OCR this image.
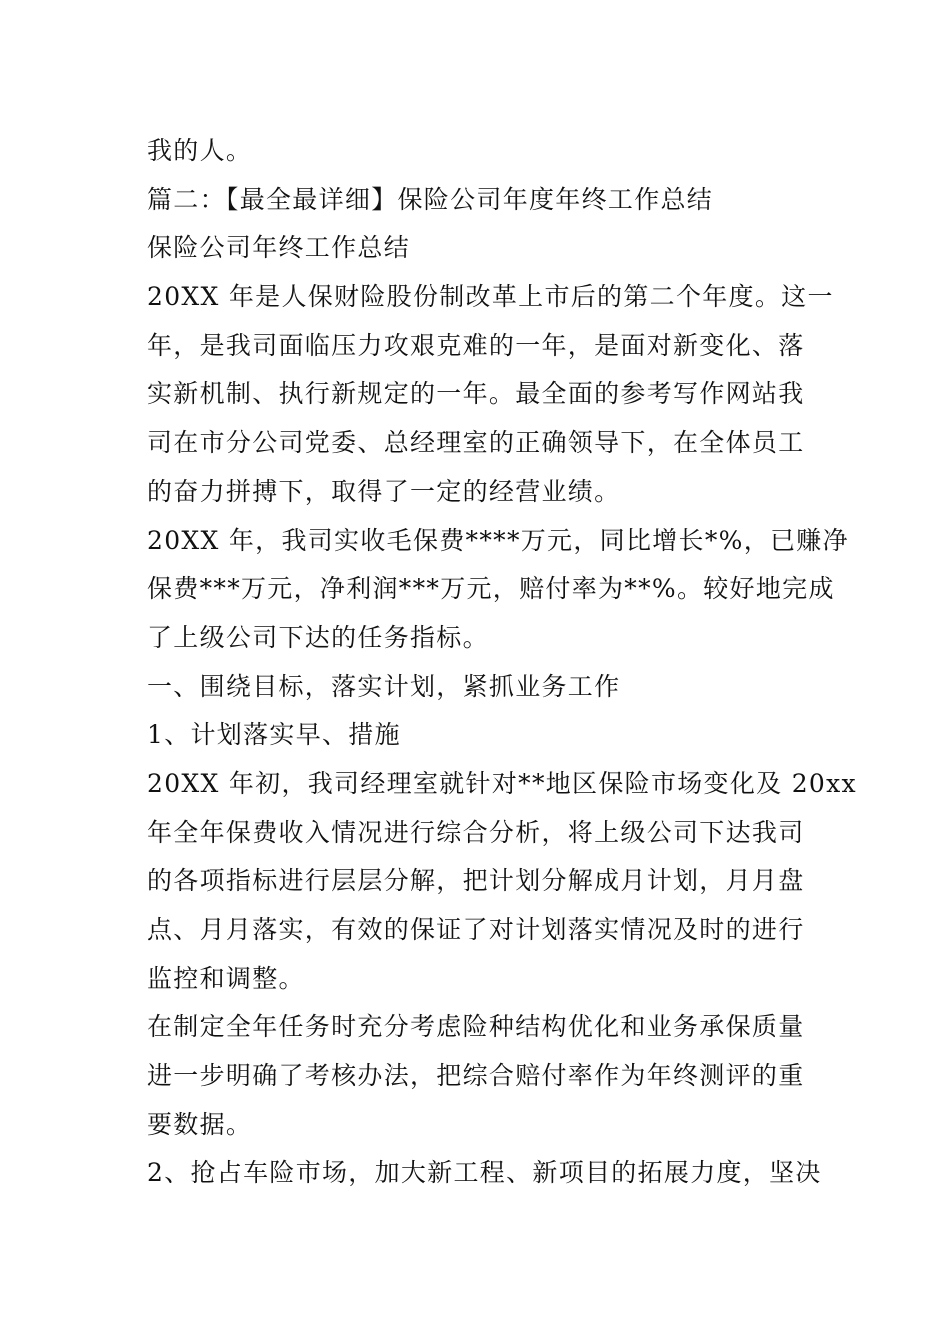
我的人。
篇二：【最全最详细】保险公司年度年终工作总结
保险公司年终工作总结
20XX 年是人保财险股份制改革上市后的第二个年度。这一
年，是我司面临压力攻艰克难的一年，是面对新变化、落
实新机制、执行新规定的一年。最全面的参考写作网站我
司在市分公司党委、总经理室的正确领导下，在全体员工
的奋力拼搏下，取得了一定的经营业绩。
20XX 年，我司实收毛保费****万元，同比增长*%，已赚净
保费***万元，净利润***万元，赔付率为**%。较好地完成
了上级公司下达的任务指标。
一、围绕目标，落实计划，紧抓业务工作
1、计划落实早、措施
20XX 年初，我司经理室就针对**地区保险市场变化及 20xx
年全年保费收入情况进行综合分析，将上级公司下达我司
的各项指标进行层层分解，把计划分解成月计划，月月盘
点、月月落实，有效的保证了对计划落实情况及时的进行
监控和调整。
在制定全年任务时充分考虑险种结构优化和业务承保质量
进一步明确了考核办法，把综合赔付率作为年终测评的重
要数据。
2、抢占车险市场，加大新工程、新项目的拓展力度，坚决
